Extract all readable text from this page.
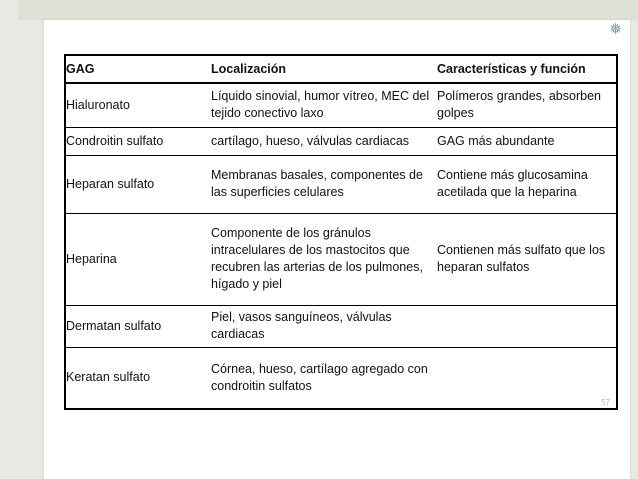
❅
GAG	Localización	Características y función
Hialuronato	Líquido sinovial, humor vítreo, MEC del tejido conectivo laxo	Polímeros grandes, absorben golpes
Condroitin sulfato	cartílago, hueso, válvulas cardiacas	GAG más abundante
Heparan sulfato	Membranas basales, componentes de las superficies celulares	Contiene más glucosamina acetilada que la heparina
Heparina	Componente de los gránulos intracelulares de los mastocitos que recubren las arterias de los pulmones, hígado y piel	Contienen más sulfato que los heparan sulfatos
Dermatan sulfato	Piel, vasos sanguíneos, válvulas cardiacas	
Keratan sulfato	Córnea, hueso, cartílago agregado con condroitin sulfatos	
57
